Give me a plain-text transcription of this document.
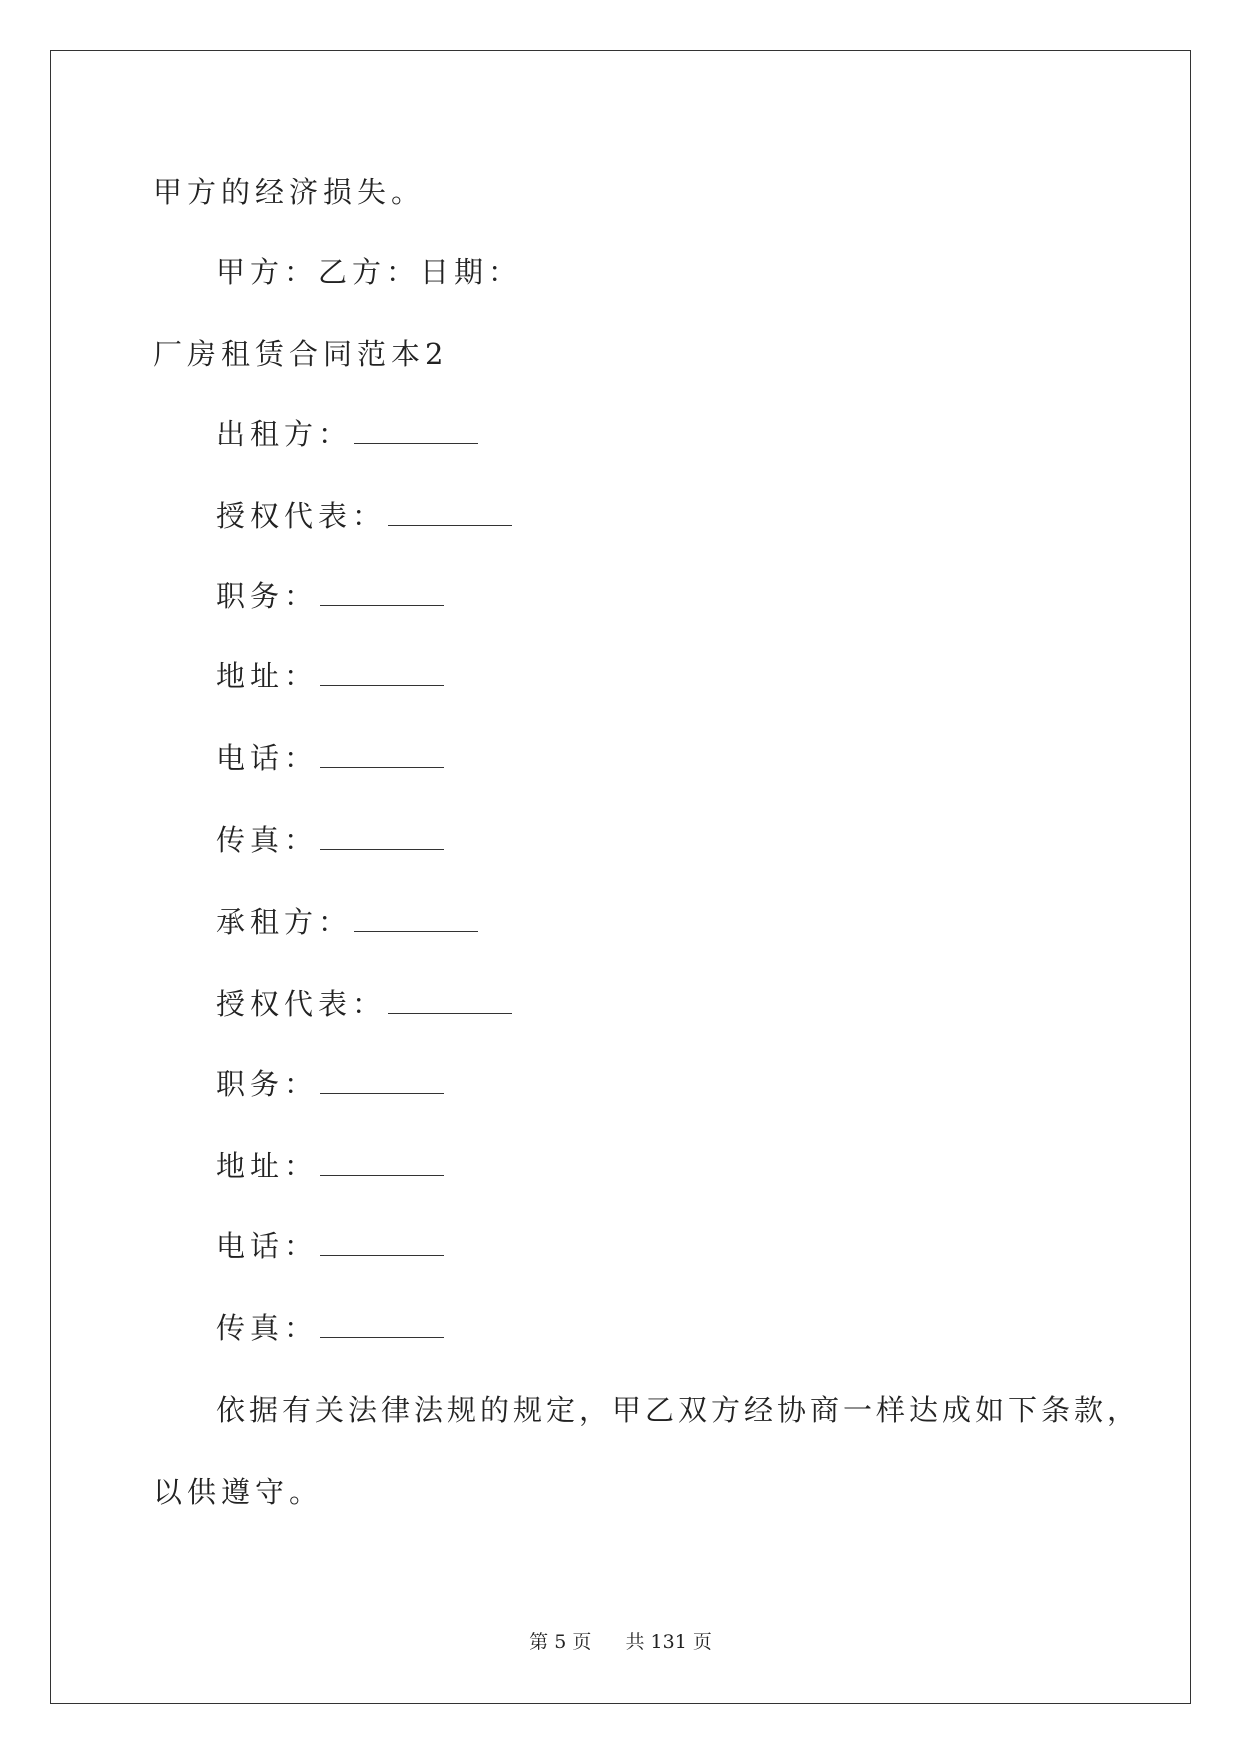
甲方的经济损失。
甲方：乙方：日期：
厂房租赁合同范本2
出租方：
授权代表：
职务：
地址：
电话：
传真：
承租方：
授权代表：
职务：
地址：
电话：
传真：
依据有关法律法规的规定，甲乙双方经协商一样达成如下条款，
以供遵守。
第 5 页 共 131 页
